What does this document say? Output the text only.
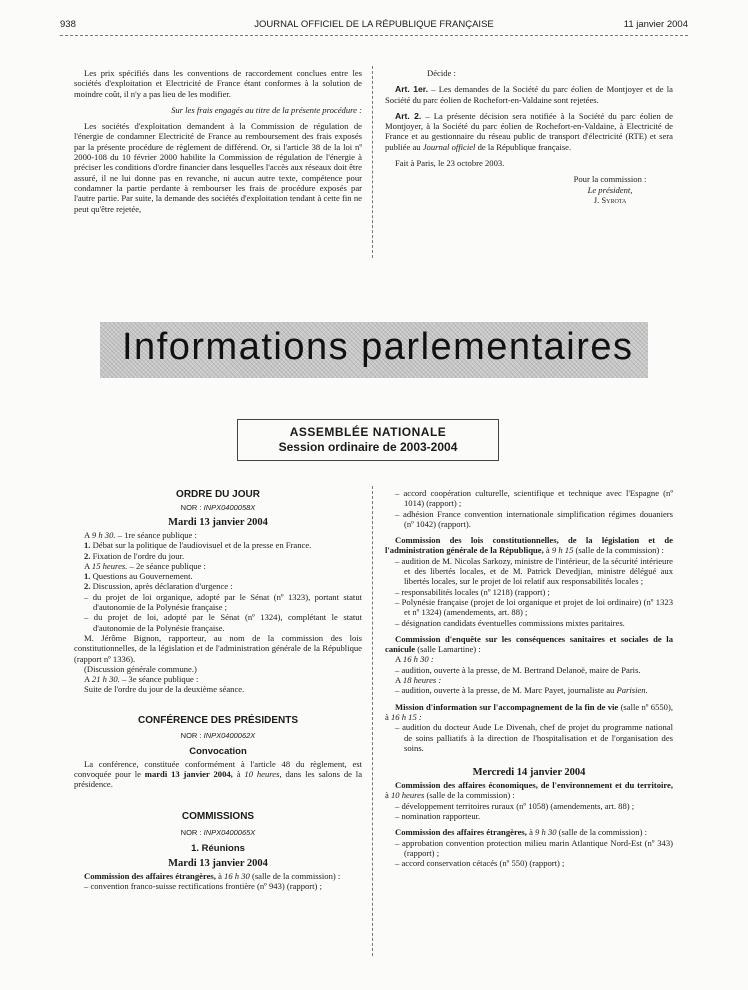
938	JOURNAL OFFICIEL DE LA RÉPUBLIQUE FRANÇAISE	11 janvier 2004

Les prix spécifiés dans les conventions de raccordement conclues entre les sociétés d'exploitation et Electricité de France étant conformes à la solution de moindre coût, il n'y a pas lieu de les modifier.

Sur les frais engagés au titre de la présente procédure :

Les sociétés d'exploitation demandent à la Commission de régulation de l'énergie de condamner Electricité de France au remboursement des frais exposés par la présente procédure de règlement de différend. Or, si l'article 38 de la loi nº 2000-108 du 10 février 2000 habilite la Commission de régulation de l'énergie à préciser les conditions d'ordre financier dans lesquelles l'accès aux réseaux doit être assuré, il ne lui donne pas en revanche, ni aucun autre texte, compétence pour condamner la partie perdante à rembourser les frais de procédure exposés par l'autre partie. Par suite, la demande des sociétés d'exploitation tendant à cette fin ne peut qu'être rejetée,

Décide :

Art. 1er. – Les demandes de la Société du parc éolien de Montjoyer et de la Société du parc éolien de Rochefort-en-Valdaine sont rejetées.

Art. 2. – La présente décision sera notifiée à la Société du parc éolien de Montjoyer, à la Société du parc éolien de Rochefort-en-Valdaine, à Electricité de France et au gestionnaire du réseau public de transport d'électricité (RTE) et sera publiée au Journal officiel de la République française.

Fait à Paris, le 23 octobre 2003.

Pour la commission :

Le président,

J. Syrota

Informations parlementaires
ASSEMBLÉE NATIONALE
Session ordinaire de 2003-2004
ORDRE DU JOUR
NOR : INPX0400058X
Mardi 13 janvier 2004

A 9 h 30. – 1re séance publique :

1. Débat sur la politique de l'audiovisuel et de la presse en France.

2. Fixation de l'ordre du jour.

A 15 heures. – 2e séance publique :

1. Questions au Gouvernement.

2. Discussion, après déclaration d'urgence :

– du projet de loi organique, adopté par le Sénat (nº 1323), portant statut d'autonomie de la Polynésie française ;

– du projet de loi, adopté par le Sénat (nº 1324), complétant le statut d'autonomie de la Polynésie française.

M. Jérôme Bignon, rapporteur, au nom de la commission des lois constitutionnelles, de la législation et de l'administration générale de la République (rapport nº 1336).

(Discussion générale commune.)

A 21 h 30. – 3e séance publique :

Suite de l'ordre du jour de la deuxième séance.

CONFÉRENCE DES PRÉSIDENTS
NOR : INPX0400062X
Convocation

La conférence, constituée conformément à l'article 48 du règlement, est convoquée pour le mardi 13 janvier 2004, à 10 heures, dans les salons de la présidence.

COMMISSIONS
NOR : INPX0400065X
1. Réunions
Mardi 13 janvier 2004

Commission des affaires étrangères, à 16 h 30 (salle de la commission) :

– convention franco-suisse rectifications frontière (nº 943) (rapport) ;

– accord coopération culturelle, scientifique et technique avec l'Espagne (nº 1014) (rapport) ;

– adhésion France convention internationale simplification régimes douaniers (nº 1042) (rapport).

Commission des lois constitutionnelles, de la législation et de l'administration générale de la République, à 9 h 15 (salle de la commission) :

– audition de M. Nicolas Sarkozy, ministre de l'intérieur, de la sécurité intérieure et des libertés locales, et de M. Patrick Devedjian, ministre délégué aux libertés locales, sur le projet de loi relatif aux responsabilités locales ;

– responsabilités locales (nº 1218) (rapport) ;

– Polynésie française (projet de loi organique et projet de loi ordinaire) (nº 1323 et nº 1324) (amendements, art. 88) ;

– désignation candidats éventuelles commissions mixtes paritaires.

Commission d'enquête sur les conséquences sanitaires et sociales de la canicule (salle Lamartine) :

A 16 h 30 :

– audition, ouverte à la presse, de M. Bertrand Delanoë, maire de Paris.

A 18 heures :

– audition, ouverte à la presse, de M. Marc Payet, journaliste au Parisien.

Mission d'information sur l'accompagnement de la fin de vie (salle nº 6550), à 16 h 15 :

– audition du docteur Aude Le Divenah, chef de projet du programme national de soins palliatifs à la direction de l'hospitalisation et de l'organisation des soins.

Mercredi 14 janvier 2004

Commission des affaires économiques, de l'environnement et du territoire, à 10 heures (salle de la commission) :

– développement territoires ruraux (nº 1058) (amendements, art. 88) ;

– nomination rapporteur.

Commission des affaires étrangères, à 9 h 30 (salle de la commission) :

– approbation convention protection milieu marin Atlantique Nord-Est (nº 343) (rapport) ;

– accord conservation cétacés (nº 550) (rapport) ;
